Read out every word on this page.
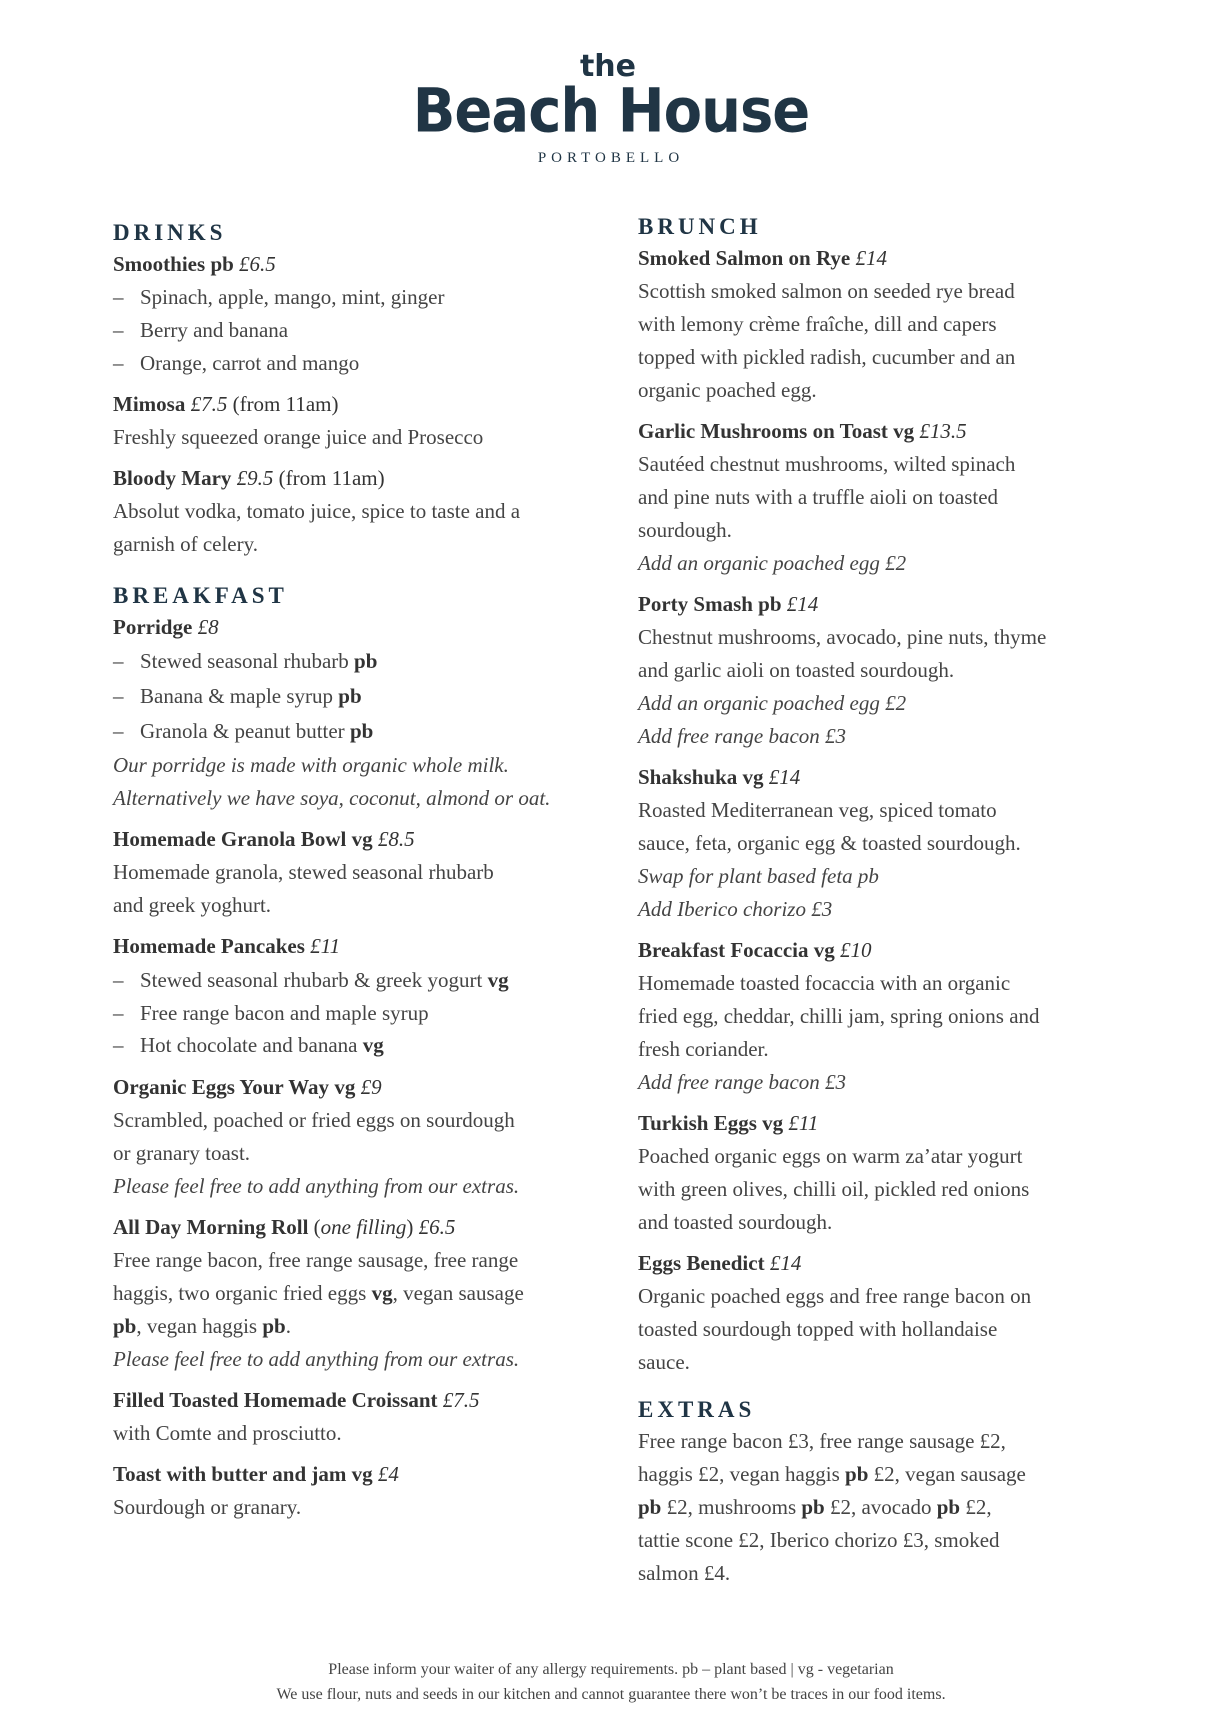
the
Beach House
PORTOBELLO
DRINKS
Smoothies pb £6.5
– Spinach, apple, mango, mint, ginger
– Berry and banana
– Orange, carrot and mango
Mimosa £7.5 (from 11am)
Freshly squeezed orange juice and Prosecco
Bloody Mary £9.5 (from 11am)
Absolut vodka, tomato juice, spice to taste and a
garnish of celery.
BREAKFAST
Porridge £8
– Stewed seasonal rhubarb pb
– Banana & maple syrup pb
– Granola & peanut butter pb
Our porridge is made with organic whole milk.
Alternatively we have soya, coconut, almond or oat.
Homemade Granola Bowl vg £8.5
Homemade granola, stewed seasonal rhubarb
and greek yoghurt.
Homemade Pancakes £11
– Stewed seasonal rhubarb & greek yogurt vg
– Free range bacon and maple syrup
– Hot chocolate and banana vg
Organic Eggs Your Way vg £9
Scrambled, poached or fried eggs on sourdough
or granary toast.
Please feel free to add anything from our extras.
All Day Morning Roll (one filling) £6.5
Free range bacon, free range sausage, free range
haggis, two organic fried eggs vg, vegan sausage
pb, vegan haggis pb.
Please feel free to add anything from our extras.
Filled Toasted Homemade Croissant £7.5
with Comte and prosciutto.
Toast with butter and jam vg £4
Sourdough or granary.
BRUNCH
Smoked Salmon on Rye £14
Scottish smoked salmon on seeded rye bread
with lemony crème fraîche, dill and capers
topped with pickled radish, cucumber and an
organic poached egg.
Garlic Mushrooms on Toast vg £13.5
Sautéed chestnut mushrooms, wilted spinach
and pine nuts with a truffle aioli on toasted
sourdough.
Add an organic poached egg £2
Porty Smash pb £14
Chestnut mushrooms, avocado, pine nuts, thyme
and garlic aioli on toasted sourdough.
Add an organic poached egg £2
Add free range bacon £3
Shakshuka vg £14
Roasted Mediterranean veg, spiced tomato
sauce, feta, organic egg & toasted sourdough.
Swap for plant based feta pb
Add Iberico chorizo £3
Breakfast Focaccia vg £10
Homemade toasted focaccia with an organic
fried egg, cheddar, chilli jam, spring onions and
fresh coriander.
Add free range bacon £3
Turkish Eggs vg £11
Poached organic eggs on warm za’atar yogurt
with green olives, chilli oil, pickled red onions
and toasted sourdough.
Eggs Benedict £14
Organic poached eggs and free range bacon on
toasted sourdough topped with hollandaise
sauce.
EXTRAS
Free range bacon £3, free range sausage £2,
haggis £2, vegan haggis pb £2, vegan sausage
pb £2, mushrooms pb £2, avocado pb £2,
tattie scone £2, Iberico chorizo £3, smoked
salmon £4.
Please inform your waiter of any allergy requirements. pb – plant based | vg - vegetarian
We use flour, nuts and seeds in our kitchen and cannot guarantee there won’t be traces in our food items.
